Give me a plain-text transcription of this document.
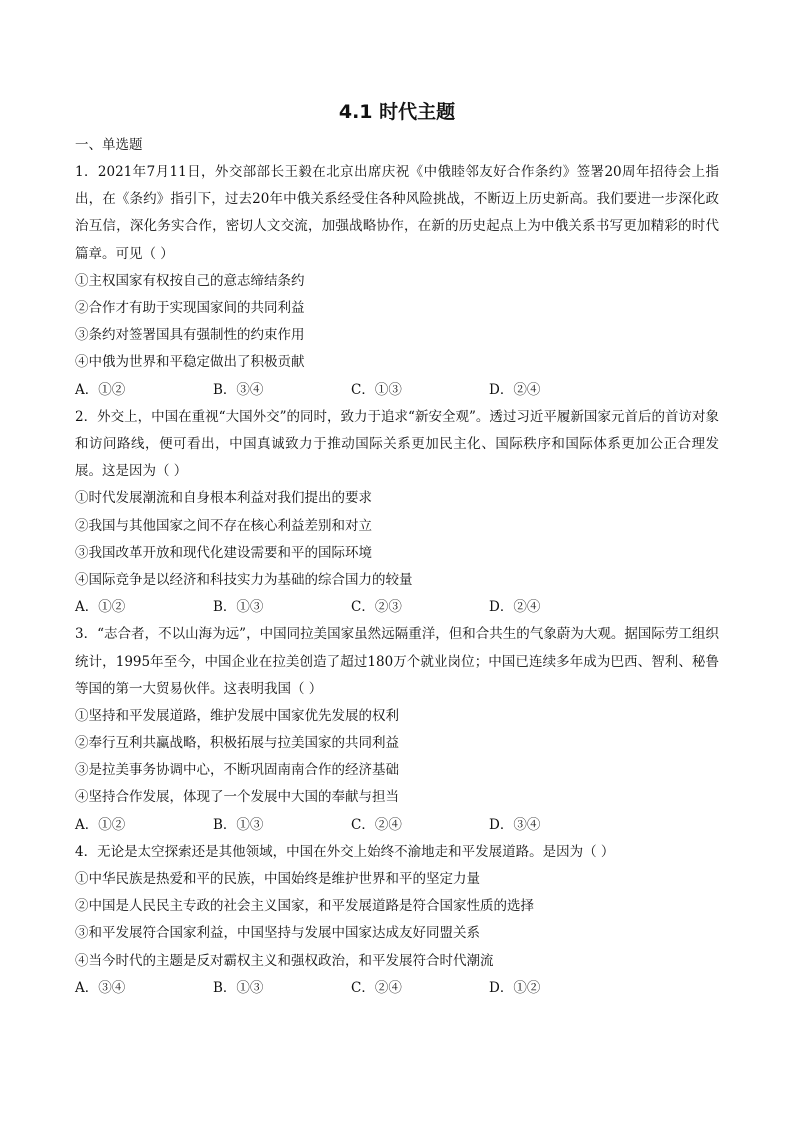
4.1 时代主题
一、单选题
1．2021年7月11日，外交部部长王毅在北京出席庆祝《中俄睦邻友好合作条约》签署20周年招待会上指出，在《条约》指引下，过去20年中俄关系经受住各种风险挑战，不断迈上历史新高。我们要进一步深化政治互信，深化务实合作，密切人文交流，加强战略协作，在新的历史起点上为中俄关系书写更加精彩的时代篇章。可见（ ）
①主权国家有权按自己的意志缔结条约
②合作才有助于实现国家间的共同利益
③条约对签署国具有强制性的约束作用
④中俄为世界和平稳定做出了积极贡献
A．①②	B．③④	C．①③	D．②④
2．外交上，中国在重视“大国外交”的同时，致力于追求“新安全观”。透过习近平履新国家元首后的首访对象和访问路线，便可看出，中国真诚致力于推动国际关系更加民主化、国际秩序和国际体系更加公正合理发展。这是因为（ ）
①时代发展潮流和自身根本利益对我们提出的要求
②我国与其他国家之间不存在核心利益差别和对立
③我国改革开放和现代化建设需要和平的国际环境
④国际竞争是以经济和科技实力为基础的综合国力的较量
A．①②	B．①③	C．②③	D．②④
3．“志合者，不以山海为远”，中国同拉美国家虽然远隔重洋，但和合共生的气象蔚为大观。据国际劳工组织统计，1995年至今，中国企业在拉美创造了超过180万个就业岗位；中国已连续多年成为巴西、智利、秘鲁等国的第一大贸易伙伴。这表明我国（ ）
①坚持和平发展道路，维护发展中国家优先发展的权利
②奉行互利共赢战略，积极拓展与拉美国家的共同利益
③是拉美事务协调中心，不断巩固南南合作的经济基础
④坚持合作发展，体现了一个发展中大国的奉献与担当
A．①②	B．①③	C．②④	D．③④
4．无论是太空探索还是其他领域，中国在外交上始终不渝地走和平发展道路。是因为（ ）
①中华民族是热爱和平的民族，中国始终是维护世界和平的坚定力量
②中国是人民民主专政的社会主义国家，和平发展道路是符合国家性质的选择
③和平发展符合国家利益，中国坚持与发展中国家达成友好同盟关系
④当今时代的主题是反对霸权主义和强权政治，和平发展符合时代潮流
A．③④	B．①③	C．②④	D．①②
